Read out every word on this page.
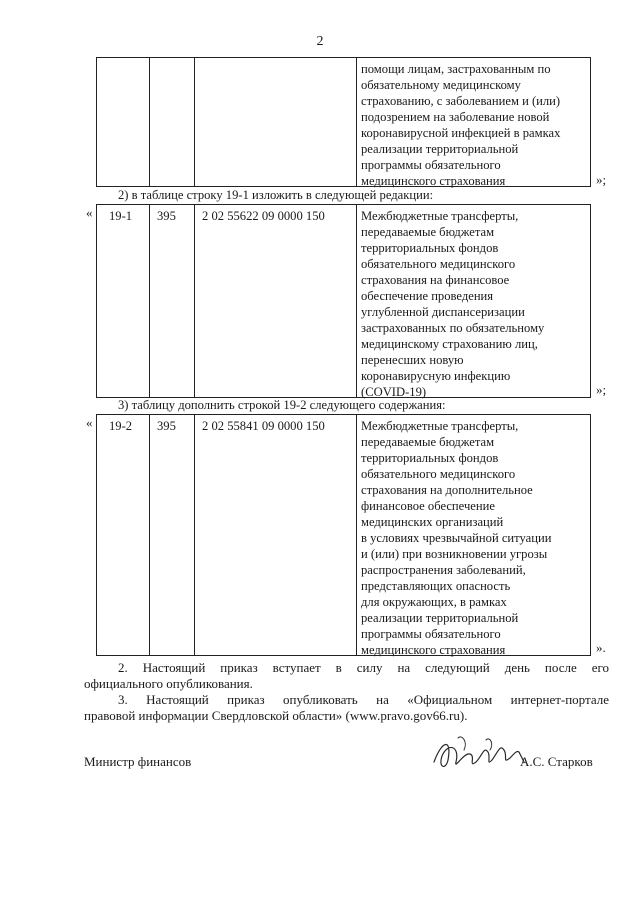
2
помощи лицам, застрахованным по
обязательному медицинскому
страхованию, с заболеванием и (или)
подозрением на заболевание новой
коронавирусной инфекцией в рамках
реализации территориальной
программы обязательного
медицинского страхования	»;
2) в таблице строку 19-1 изложить в следующей редакции:
« 19-1 395 2 02 55622 09 0000 150	Межбюджетные трансферты,
передаваемые бюджетам
территориальных фондов
обязательного медицинского
страхования на финансовое
обеспечение проведения
углубленной диспансеризации
застрахованных по обязательному
медицинскому страхованию лиц,
перенесших новую
коронавирусную инфекцию
(COVID-19)	»;
3) таблицу дополнить строкой 19-2 следующего содержания:
« 19-2 395 2 02 55841 09 0000 150	Межбюджетные трансферты,
передаваемые бюджетам
территориальных фондов
обязательного медицинского
страхования на дополнительное
финансовое обеспечение
медицинских организаций
в условиях чрезвычайной ситуации
и (или) при возникновении угрозы
распространения заболеваний,
представляющих опасность
для окружающих, в рамках
реализации территориальной
программы обязательного
медицинского страхования	».
2. Настоящий приказ вступает в силу на следующий день после его
официального опубликования.
3. Настоящий приказ опубликовать на «Официальном интернет-портале
правовой информации Свердловской области» (www.pravo.gov66.ru).
Министр финансов	А.С. Старков
